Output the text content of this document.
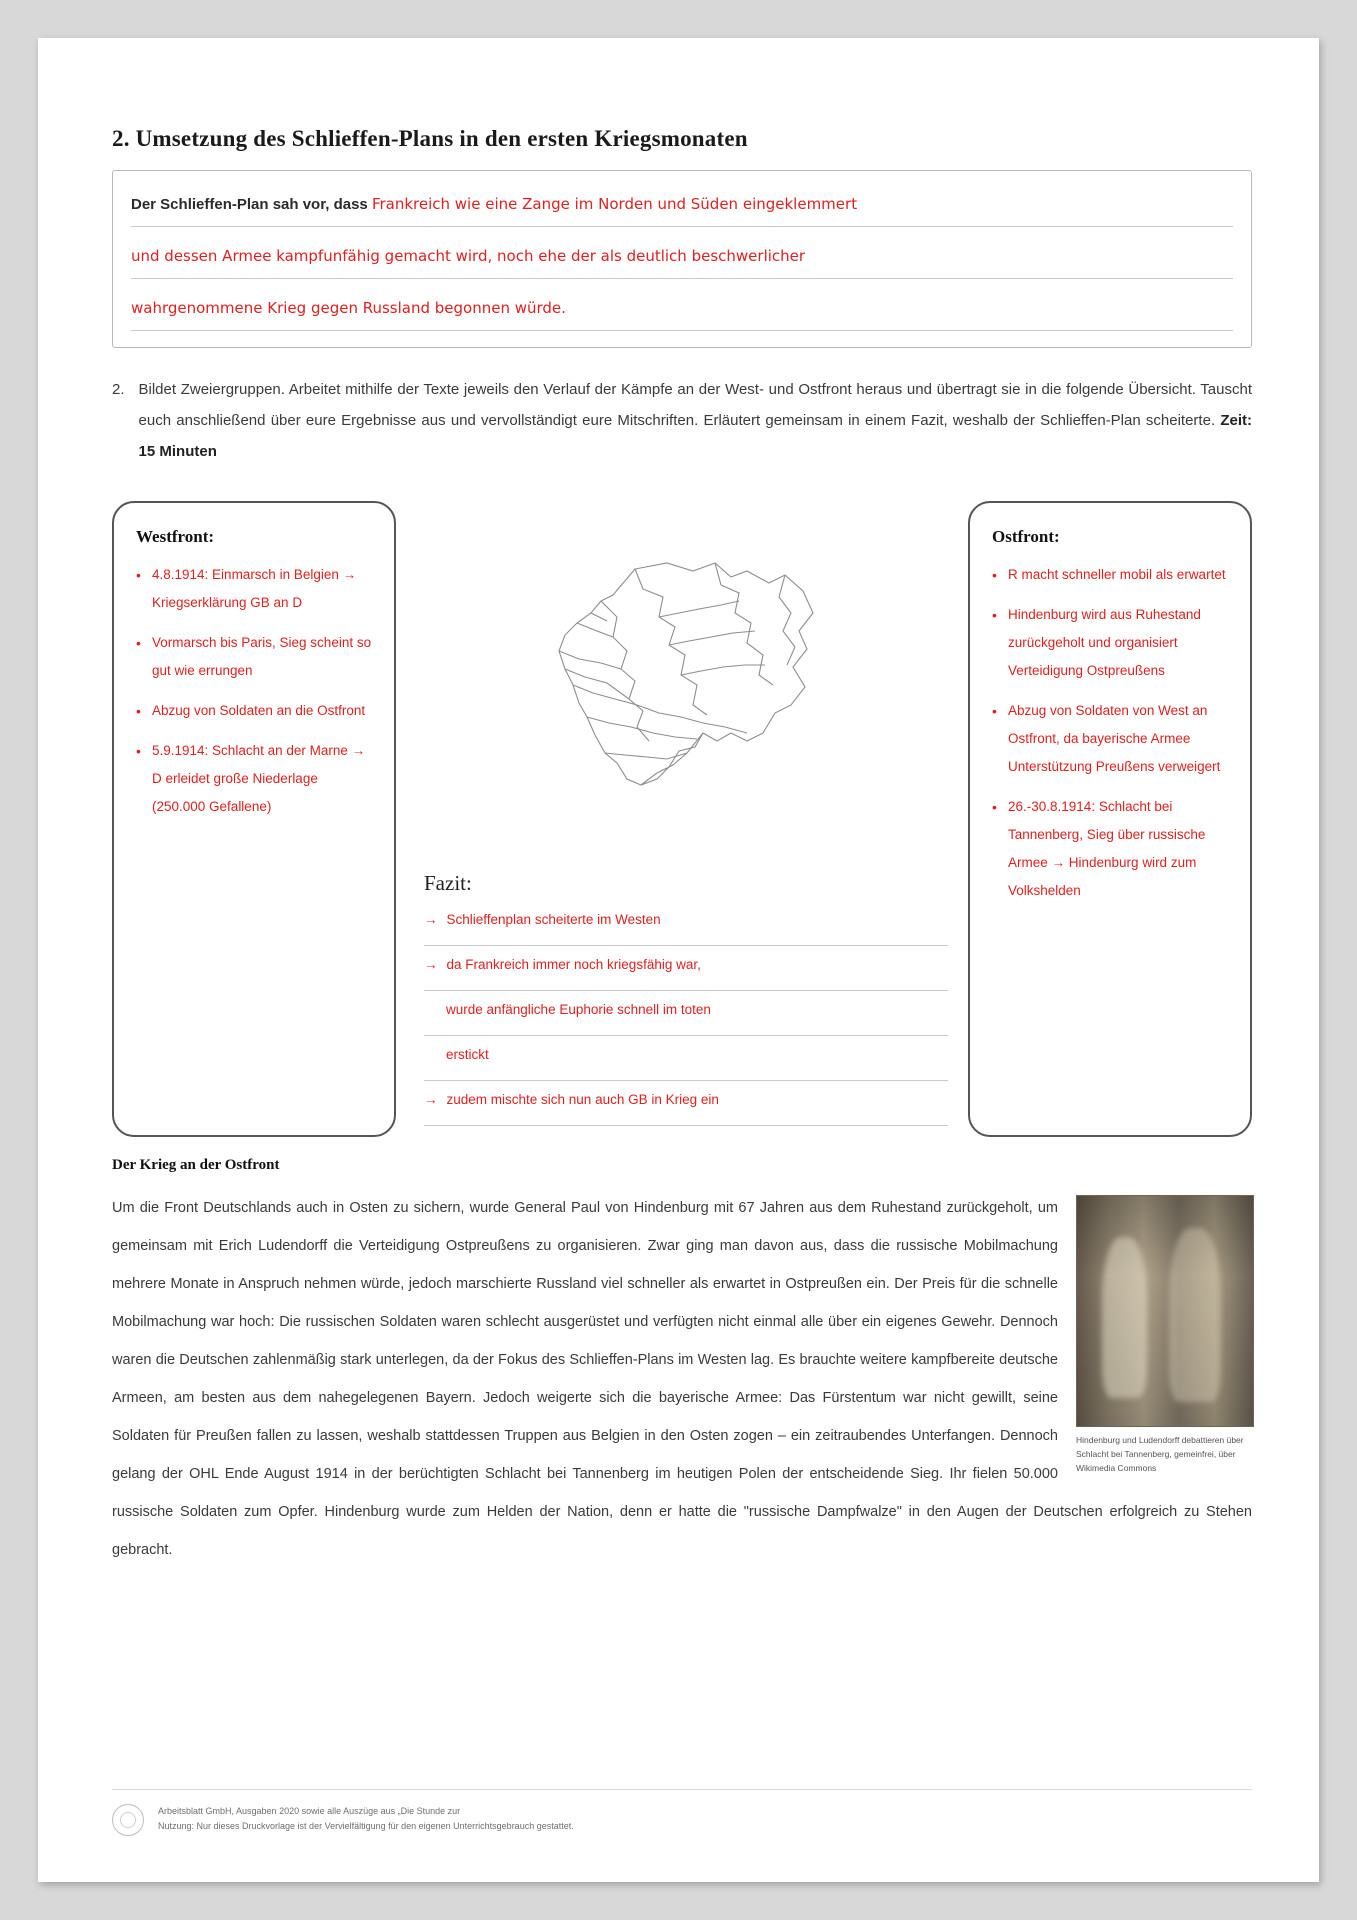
2. Umsetzung des Schlieffen-Plans in den ersten Kriegsmonaten
Der Schlieffen-Plan sah vor, dass Frankreich wie eine Zange im Norden und Süden eingeklemmert
und dessen Armee kampfunfähig gemacht wird, noch ehe der als deutlich beschwerlicher
wahrgenommene Krieg gegen Russland begonnen würde.
2. Bildet Zweiergruppen. Arbeitet mithilfe der Texte jeweils den Verlauf der Kämpfe an der West- und Ostfront heraus und übertragt sie in die folgende Übersicht. Tauscht euch anschließend über eure Ergebnisse aus und vervollständigt eure Mitschriften. Erläutert gemeinsam in einem Fazit, weshalb der Schlieffen-Plan scheiterte. Zeit: 15 Minuten
Westfront:
• 4.8.1914: Einmarsch in Belgien → Kriegserklärung GB an D
• Vormarsch bis Paris, Sieg scheint so gut wie errungen
• Abzug von Soldaten an die Ostfront
• 5.9.1914: Schlacht an der Marne → D erleidet große Niederlage (250.000 Gefallene)
Fazit:
→ Schlieffenplan scheiterte im Westen
→ da Frankreich immer noch kriegsfähig war,
wurde anfängliche Euphorie schnell im toten
erstickt
→ zudem mischte sich nun auch GB in Krieg ein
Ostfront:
• R macht schneller mobil als erwartet
• Hindenburg wird aus Ruhestand zurückgeholt und organisiert Verteidigung Ostpreußens
• Abzug von Soldaten von West an Ostfront, da bayerische Armee Unterstützung Preußens verweigert
• 26.-30.8.1914: Schlacht bei Tannenberg, Sieg über russische Armee → Hindenburg wird zum Volkshelden
Der Krieg an der Ostfront
Hindenburg und Ludendorff debattieren über Schlacht bei Tannenberg, gemeinfrei, über Wikimedia Commons

Um die Front Deutschlands auch in Osten zu sichern, wurde General Paul von Hindenburg mit 67 Jahren aus dem Ruhestand zurückgeholt, um gemeinsam mit Erich Ludendorff die Verteidigung Ostpreußens zu organisieren. Zwar ging man davon aus, dass die russische Mobilmachung mehrere Monate in Anspruch nehmen würde, jedoch marschierte Russland viel schneller als erwartet in Ostpreußen ein. Der Preis für die schnelle Mobilmachung war hoch: Die russischen Soldaten waren schlecht ausgerüstet und verfügten nicht einmal alle über ein eigenes Gewehr. Dennoch waren die Deutschen zahlenmäßig stark unterlegen, da der Fokus des Schlieffen-Plans im Westen lag. Es brauchte weitere kampfbereite deutsche Armeen, am besten aus dem nahegelegenen Bayern. Jedoch weigerte sich die bayerische Armee: Das Fürstentum war nicht gewillt, seine Soldaten für Preußen fallen zu lassen, weshalb stattdessen Truppen aus Belgien in den Osten zogen – ein zeitraubendes Unterfangen. Dennoch gelang der OHL Ende August 1914 in der berüchtigten Schlacht bei Tannenberg im heutigen Polen der entscheidende Sieg. Ihr fielen 50.000 russische Soldaten zum Opfer. Hindenburg wurde zum Helden der Nation, denn er hatte die "russische Dampfwalze" in den Augen der Deutschen erfolgreich zu Stehen gebracht.

Arbeitsblatt GmbH, Ausgaben 2020 sowie alle Auszüge aus „Die Stunde zur
Nutzung: Nur dieses Druckvorlage ist der Vervielfältigung für den eigenen Unterrichtsgebrauch gestattet.
